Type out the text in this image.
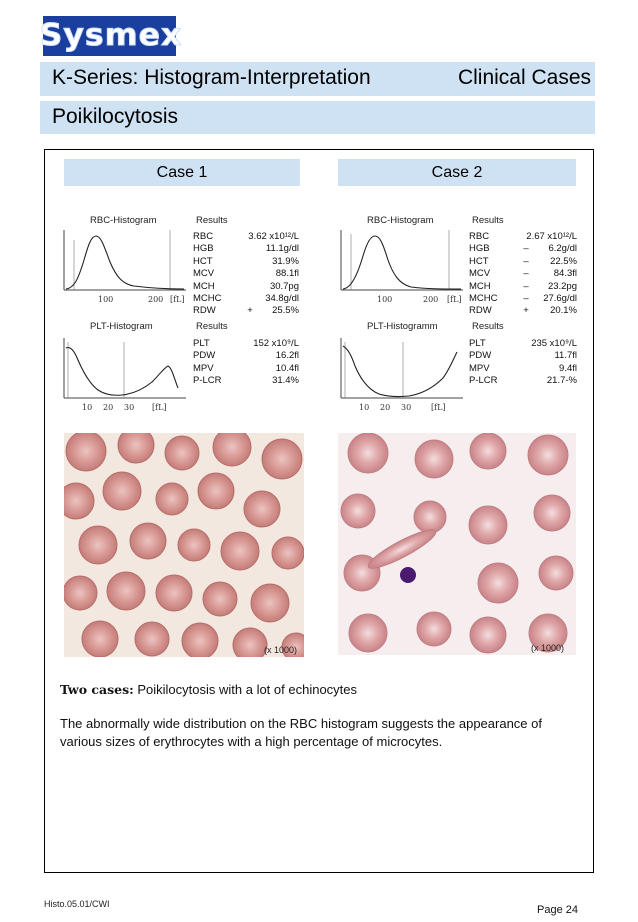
Sysmex
K-Series: Histogram-Interpretation	Clinical Cases
Poikilocytosis
Case 1	Case 2
RBC-Histogram	Results
100	200 [fL]
RBC	3.62 x10¹²/L
HGB	11.1g/dl
HCT	31.9%
MCV	88.1fl
MCH	30.7pg
MCHC	34.8g/dl
RDW	+ 25.5%
PLT-Histogram	Results
10 20 30 [fL]
PLT	152 x10⁹/L
PDW	16.2fl
MPV	10.4fl
P-LCR	31.4%
RBC-Histogram	Results
100	200 [fL]
RBC	2.67 x10¹²/L
HGB	– 6.2g/dl
HCT	– 22.5%
MCV	–	84.3fl
MCH	– 23.2pg
MCHC	– 27.6g/dl
RDW	+ 20.1%
PLT-Histogramm	Results
10 20 30 [fL]
PLT	235 x10⁹/L
PDW	11.7fl
MPV	9.4fl
P-LCR	21.7-%
(x 1000)	(x 1000)
Two cases: Poikilocytosis with a lot of echinocytes
The abnormally wide distribution on the RBC histogram suggests the appearance of various sizes of erythrocytes with a high percentage of microcytes.
Histo.05.01/CWI	Page 24
